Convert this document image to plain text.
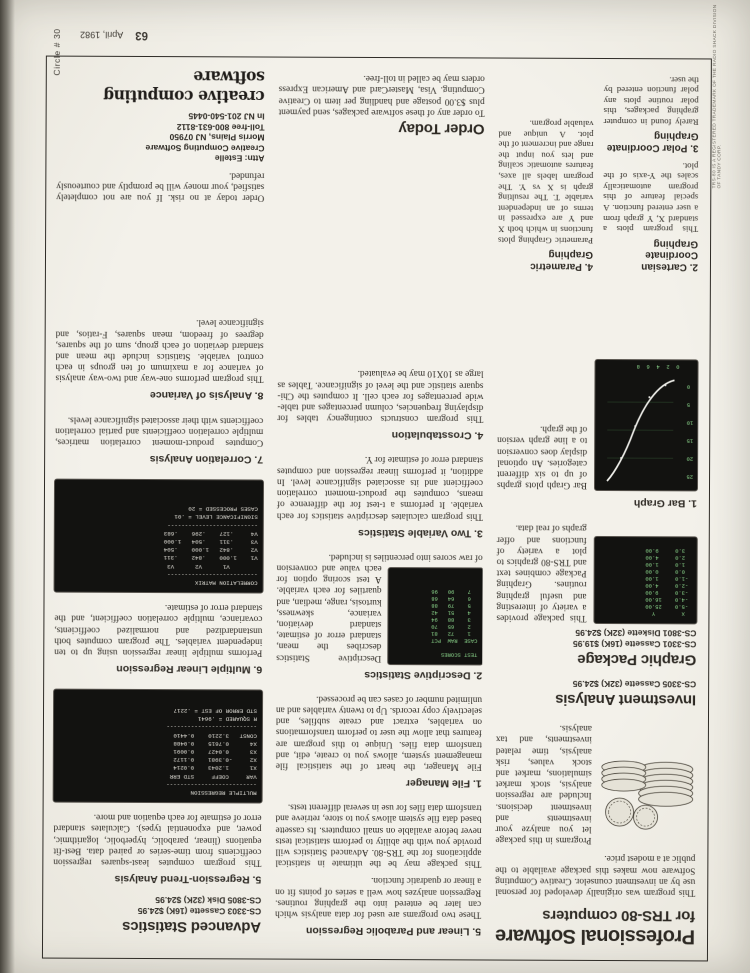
63April, 1982
Circle # 30	TRS-80 IS A REGISTERED TRADEMARK OF THE RADIO SHACK DIVISION OF TANDY CORP.
Professional Software
for TRS-80 computers

This program was originally developed for personal use by an investment counselor. Creative Computing Software now makes this package available to the public at a modest price.

Programs in this package let you analyze your investments and investment decisions. Included are regression analysis, stock market simulations, market and stock values, risk analysis, time related investments, and tax analysis.

Investment Analysis
CS-3305 Cassette (32K) $24.95
Graphic Package
CS-3301 Cassette (16K) $19.95
CS-3801 Diskette (32K) $24.95
X        Y
-5.0    25.00
-4.0    16.00
-3.0     9.00
-2.0     4.00
-1.0     1.00
0.0     0.00
1.0     1.00
2.0     4.00
3.0     9.00

This package provides a variety of interesting and useful graphing routines. Graphing Package combines text and TRS-80 graphics to plot a variety of functions and offer graphs of real data.

1. Bar Graph

25
20
15
10
5
0

0  2  4  6  8

Bar Graph plots graphs of up to six different categories. An optional display does conversion to a line graph version of the graph.

2. Cartesian Coordinate Graphing

This program plots a standard X, Y graph from a user entered function. A special feature of this program automatically scales the Y-axis of the plot.

3. Polar Coordinate Graphing

Rarely found in computer graphing packages, this polar routine plots any polar function entered by the user.

4. Parametric Graphing

Parametric Graphing plots functions in which both X and Y are expressed in terms of an independent variable T. The resulting graph is X vs Y. The program labels all axes, features automatic scaling and lets you input the range and increment of the plot. A unique and valuable program.

5. Linear and Parabolic Regression

These two programs are used for data analysis which can later be entered into the graphing routines. Regression analyzes how well a series of points fit on a linear or quadratic function.

This package may be the ultimate in statistical applications for the TRS-80. Advanced Statistics will provide you with the ability to perform statistical tests never before available on small computers. Its cassette based data file system allows you to store, retrieve and transform data files for use in several different tests.

1. File Manager

File Manager, the heart of the statistical file management system, allows you to create, edit, and transform data files. Unique to this program are features that allow the user to perform transformations on variables, extract and create subfiles, and selectively copy records. Up to twenty variables and an unlimited number of cases can be processed.

2. Descriptive Statistics
TEST SCORES

CASE  RAW  PCT
1    72   81
2    65   70
3    88   94
4    51   42
5    79   88
6    64   68
7    90   96

Descriptive Statistics describes the mean, standard error of estimate, standard deviation, variance, skewness, kurtosis, range, median, and quartiles for each variable. A test scoring option for each value and conversion of raw scores into percentiles is included.

3. Two Variable Statistics

This program calculates descriptive statistics for each variable. It performs a t-test for the difference of means, computes the product-moment correlation coefficient and its associated significance level. In addition, it performs linear regression and computes standard error of estimate for Y.

4. Crosstabulation

This program constructs contingency tables for displaying frequencies, column percentages and table-wide percentages for each cell. It computes the Chi-square statistic and the level of significance. Tables as large as 10X10 may be evaluated.

Order Today

To order any of these software packages, send payment plus $3.00 postage and handling per item to Creative Computing. Visa, MasterCard and American Express orders may be called in toll-free.

Advanced Statistics
CS-3303 Cassette (16K) $24.95
CS-3805 Disk (32K) $24.95
5. Regression-Trend Analysis

This program computes least-squares regression coefficients from time-series or paired data. Best-fit equations (linear, parabolic, hyperbolic, logarithmic, power, and exponential types). Calculates standard error of estimate for each equation and more.

MULTIPLE REGRESSION
--------------------------
VAR     COEFF     STD ERR
X1      1.2043    0.0214
X2     -0.3981    0.1172
X3      0.0427    0.0091
X4      0.7615    0.0488
CONST   3.2210    0.4410
--------------------------
R SQUARED = .9641
STD ERROR OF EST = .2217
6. Multiple Linear Regression

Performs multiple linear regression using up to ten independent variables. The program computes both unstandardized and normalized coefficients, covariance, multiple correlation coefficient, and the standard error of estimate.

CORRELATION MATRIX
--------------------------
V1      V2      V3
V1    1.000    .842    .311
V2     .842   1.000    .504
V3     .311    .504   1.000
V4     .127    .296    .683
--------------------------
SIGNIFICANCE LEVEL = .01
CASES PROCESSED = 20
7. Correlation Analysis

Computes product-moment correlation matrices, multiple correlation coefficients and partial correlation coefficients with their associated significance levels.

8. Analysis of Variance

This program performs one-way and two-way analysis of variance for a maximum of ten groups in each control variable. Statistics include the mean and standard deviation of each group, sum of the squares, degrees of freedom, mean squares, F-ratios, and significance level.

Order today at no risk. If you are not completely satisfied, your money will be promptly and courteously refunded.

Attn: Estelle
Creative Computing Software
Morris Plains, NJ 07950
Toll-free 800-631-8112
In NJ 201-540-0445
creative computing software
